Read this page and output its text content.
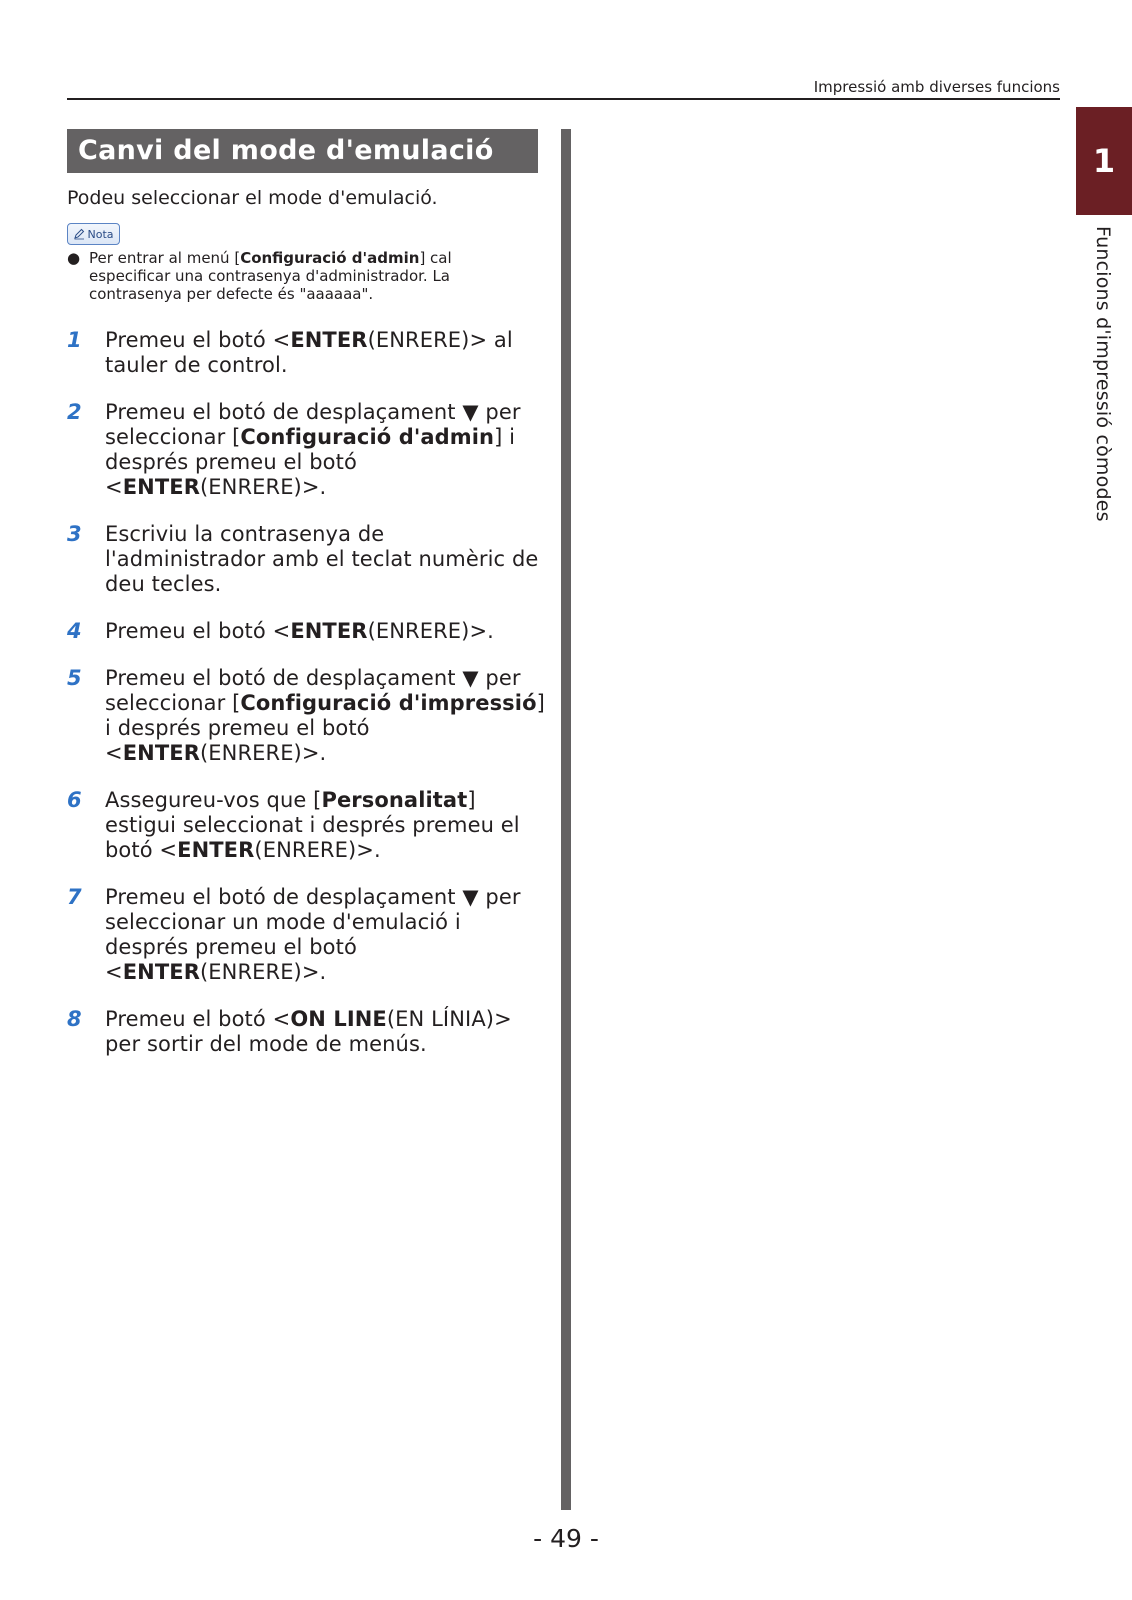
Impressió amb diverses funcions
1
Funcions d'impressió còmodes
Canvi del mode d'emulació
Podeu seleccionar el mode d'emulació.
Nota
● Per entrar al menú [Configuració d'admin] cal especificar una contrasenya d'administrador. La contrasenya per defecte és "aaaaaa".
1 Premeu el botó <ENTER(ENRERE)> al tauler de control.
2 Premeu el botó de desplaçament ▼ per seleccionar [Configuració d'admin] i després premeu el botó <ENTER(ENRERE)>.
3 Escriviu la contrasenya de l'administrador amb el teclat numèric de deu tecles.
4 Premeu el botó <ENTER(ENRERE)>.
5 Premeu el botó de desplaçament ▼ per seleccionar [Configuració d'impressió] i després premeu el botó <ENTER(ENRERE)>.
6 Assegureu-vos que [Personalitat] estigui seleccionat i després premeu el botó <ENTER(ENRERE)>.
7 Premeu el botó de desplaçament ▼ per seleccionar un mode d'emulació i després premeu el botó <ENTER(ENRERE)>.
8 Premeu el botó <ON LINE(EN LÍNIA)> per sortir del mode de menús.
- 49 -
